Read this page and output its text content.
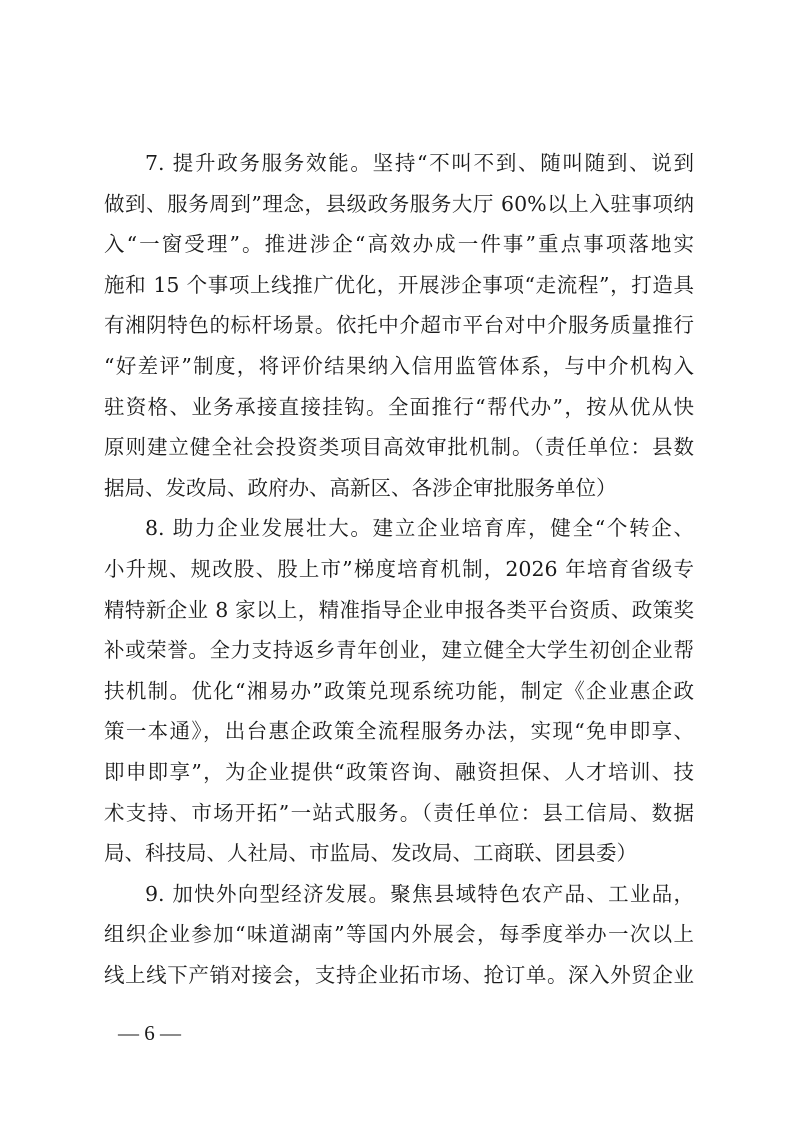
7. 提升政务服务效能。坚持“不叫不到、随叫随到、说到
做到、服务周到”理念，县级政务服务大厅 60%以上入驻事项纳
入“一窗受理”。推进涉企“高效办成一件事”重点事项落地实
施和 15 个事项上线推广优化，开展涉企事项“走流程”，打造具
有湘阴特色的标杆场景。依托中介超市平台对中介服务质量推行
“好差评”制度，将评价结果纳入信用监管体系，与中介机构入
驻资格、业务承接直接挂钩。全面推行“帮代办”，按从优从快
原则建立健全社会投资类项目高效审批机制。（责任单位：县数
据局、发改局、政府办、高新区、各涉企审批服务单位）
8. 助力企业发展壮大。建立企业培育库，健全“个转企、
小升规、规改股、股上市”梯度培育机制，2026 年培育省级专
精特新企业 8 家以上，精准指导企业申报各类平台资质、政策奖
补或荣誉。全力支持返乡青年创业，建立健全大学生初创企业帮
扶机制。优化“湘易办”政策兑现系统功能，制定《企业惠企政
策一本通》，出台惠企政策全流程服务办法，实现“免申即享、
即申即享”，为企业提供“政策咨询、融资担保、人才培训、技
术支持、市场开拓”一站式服务。（责任单位：县工信局、数据
局、科技局、人社局、市监局、发改局、工商联、团县委）
9. 加快外向型经济发展。聚焦县域特色农产品、工业品，
组织企业参加“味道湖南”等国内外展会，每季度举办一次以上
线上线下产销对接会，支持企业拓市场、抢订单。深入外贸企业
— 6 —
